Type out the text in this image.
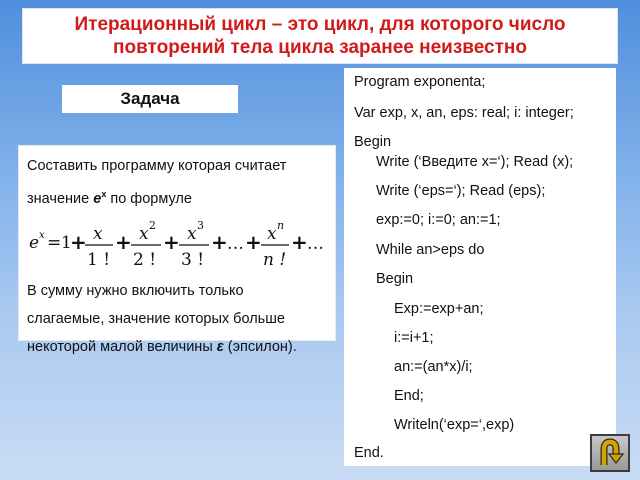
Итерационный цикл – это цикл, для которого число
повторений тела цикла заранее неизвестно
Задача
Составить программу которая считает
значение $e^x$ по формуле
e x = 1
+ x
1 !
+ x 2
2 !
+ x 3
3 !
+ … + x n
n !
+ …
В сумму нужно включить только
слагаемые, значение которых больше
некоторой малой величины ε (эпсилон).
Program exponenta;
Var exp, x, an, eps: real; i: integer;
Begin
Write (‘Введите x=‘); Read (x);
Write (‘eps=‘); Read (eps);
exp:=0; i:=0; an:=1;
While an>eps do
Begin
Exp:=exp+an;
i:=i+1;
an:=(an*x)/i;
End;
Writeln(‘exp=‘,exp)
End.
